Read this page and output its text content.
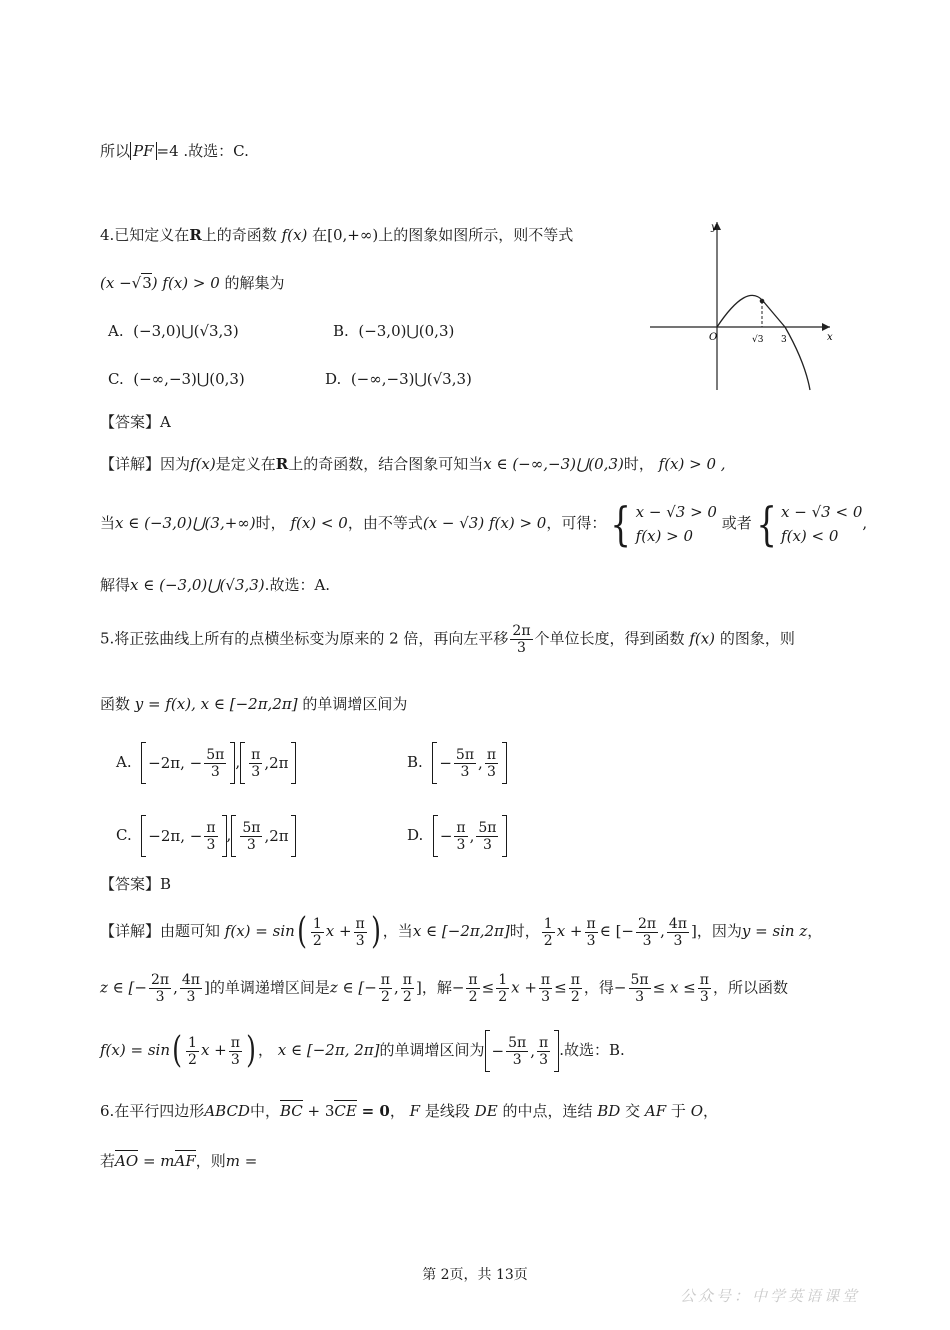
所以 PF =4 .故选：C.
4.已知定义在R上的奇函数 f(x) 在[0,+∞)上的图象如图所示，则不等式
(x −√3) f(x) > 0 的解集为
A. (−3,0)⋃(√3,3)	B. (−3,0)⋃(0,3)
C. (−∞,−3)⋃(0,3)	D. (−∞,−3)⋃(√3,3)
y
x
O	√3 3
【答案】A
【详解】因为f(x)是定义在R上的奇函数，结合图象可知当x ∈ (−∞,−3)⋃(0,3)时， f(x) > 0 ,
当x ∈ (−3,0)⋃(3,+∞)时， f(x) < 0，由不等式(x − √3) f(x) > 0，可得： { x − √3 > 0
f(x) > 0
或者 { x − √3 < 0
f(x) < 0
,
解得x ∈ (−3,0)⋃(√3,3).故选：A.
5.将正弦曲线上所有的点横坐标变为原来的 2 倍，再向左平移 $\frac{2\pi}{3}$ 个单位长度，得到函数 f(x) 的图象，则
函数 y = f(x), x ∈ [−2π,2π] 的单调增区间为
A. −2π, − $\frac{5\pi}{3}$ , $\frac{\pi}{3} ,2\pi$	B. − $\frac{5\pi}{3}$ , $\frac{\pi}{3}$
C. −2π, − $\frac{\pi}{3}$ , $\frac{5\pi}{3} ,2\pi$	D. − $\frac{\pi}{3}$ , $\frac{5\pi}{3}$
【答案】B
【详解】由题可知 $f(x) = \sin( \frac{1}{2}$ $x + \frac{\pi}{3}$ ) ，当x ∈ [−2π,2π]时， $\frac{1}{2}$ $x + \frac{\pi}{3}$ ∈ [− $\frac{2\pi}{3}$ , $\frac{4\pi}{3}$ ]，因为y = sin z，
z ∈ [− $\frac{2\pi}{3}$ , $\frac{4\pi}{3}$ ]的单调递增区间是z ∈ [− $\frac{\pi}{2}$ , $\frac{\pi}{2}$ ]，解− $\frac{\pi}{2} \le \frac{1}{2}$ $x + \frac{\pi}{3} \le \frac{\pi}{2}$ ，得− $\frac{5\pi}{3} \le x \le \frac{\pi}{3}$ ，所以函数
$f(x) = \sin( \frac{1}{2}$ $x + \frac{\pi}{3}$ ) ， x ∈ [−2π, 2π]的单调增区间为 − $\frac{5\pi}{3}$ , $\frac{\pi}{3}$ .故选：B.
6.在平行四边形ABCD中，BC + 3CE = 0， F 是线段 DE 的中点，连结 BD 交 AF 于 O，
若AO = mAF，则m =
第 2页，共 13页
公众号：中学英语课堂
